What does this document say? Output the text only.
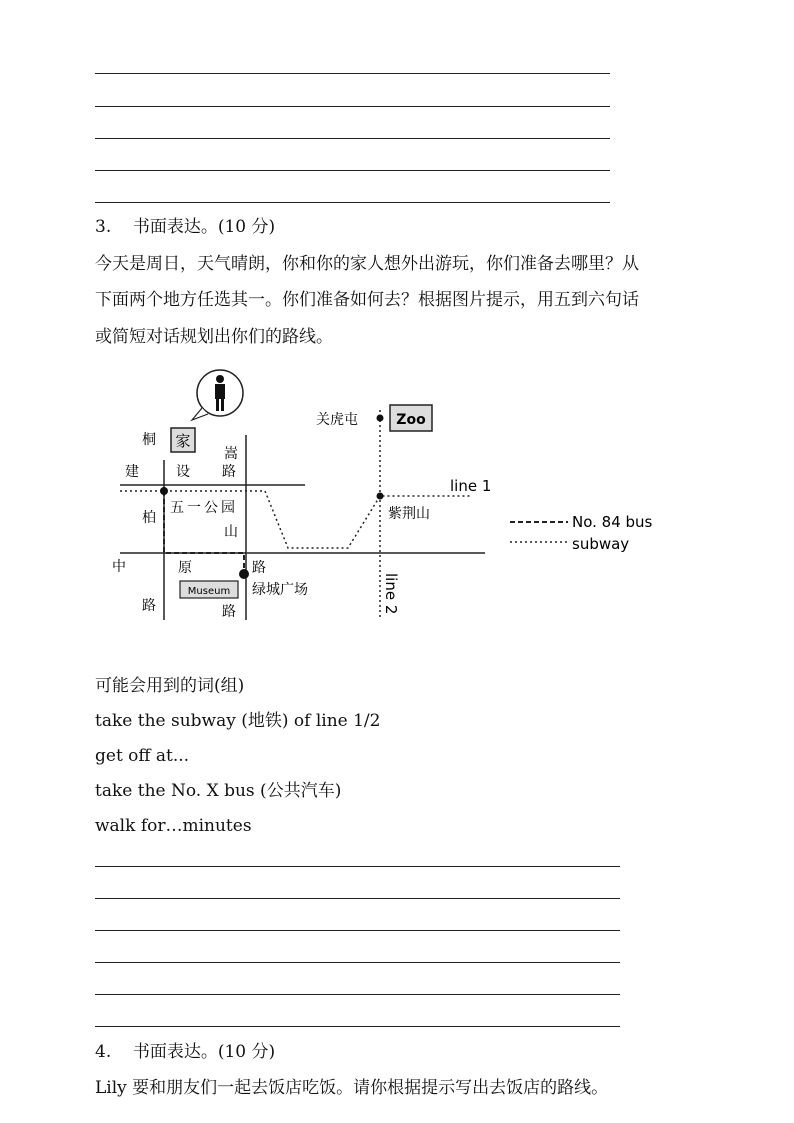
3. 书面表达。(10 分)
今天是周日，天气晴朗，你和你的家人想外出游玩，你们准备去哪里？从
下面两个地方任选其一。你们准备如何去？根据图片提示，用五到六句话
或简短对话规划出你们的路线。
家
Zoo
Museum
关虎屯
桐
建	设
嵩
路
柏
五 一 公 园
山
中	原	路
路	路
绿城广场
紫荆山
line 1
line 2
No. 84 bus
subway
可能会用到的词(组)
take the subway (地铁) of line 1/2
get off at...
take the No. X bus (公共汽车)
walk for…minutes
4. 书面表达。(10 分)
Lily 要和朋友们一起去饭店吃饭。请你根据提示写出去饭店的路线。
